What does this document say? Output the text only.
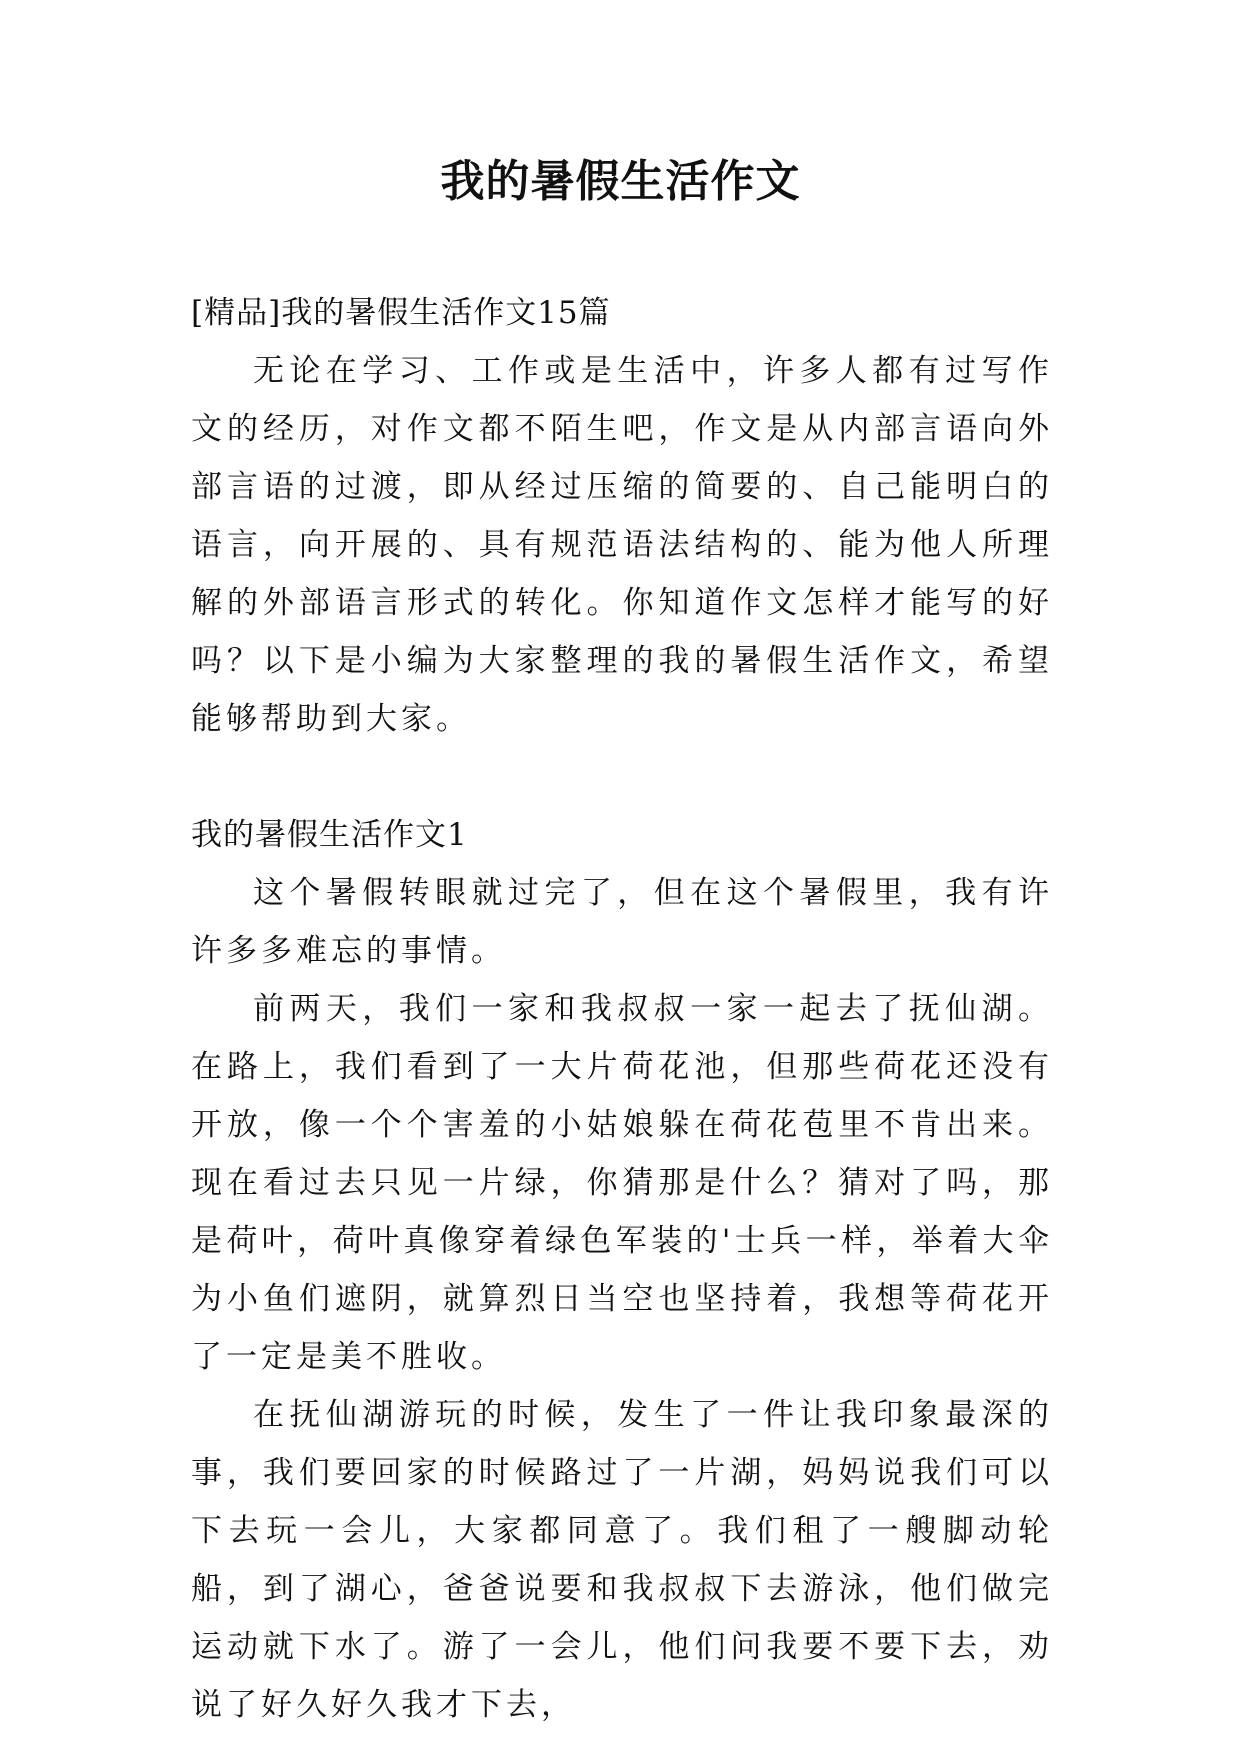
我的暑假生活作文

[精品]我的暑假生活作文15篇

无论在学习、工作或是生活中，许多人都有过写作文的经历，对作文都不陌生吧，作文是从内部言语向外部言语的过渡，即从经过压缩的简要的、自己能明白的语言，向开展的、具有规范语法结构的、能为他人所理解的外部语言形式的转化。你知道作文怎样才能写的好吗？以下是小编为大家整理的我的暑假生活作文，希望能够帮助到大家。

我的暑假生活作文1

这个暑假转眼就过完了，但在这个暑假里，我有许许多多难忘的事情。

前两天，我们一家和我叔叔一家一起去了抚仙湖。在路上，我们看到了一大片荷花池，但那些荷花还没有开放，像一个个害羞的小姑娘躲在荷花苞里不肯出来。现在看过去只见一片绿，你猜那是什么？猜对了吗，那是荷叶，荷叶真像穿着绿色军装的'士兵一样，举着大伞为小鱼们遮阴，就算烈日当空也坚持着，我想等荷花开了一定是美不胜收。

在抚仙湖游玩的时候，发生了一件让我印象最深的事，我们要回家的时候路过了一片湖，妈妈说我们可以下去玩一会儿，大家都同意了。我们租了一艘脚动轮船，到了湖心，爸爸说要和我叔叔下去游泳，他们做完运动就下水了。游了一会儿，他们问我要不要下去，劝说了好久好久我才下去，
